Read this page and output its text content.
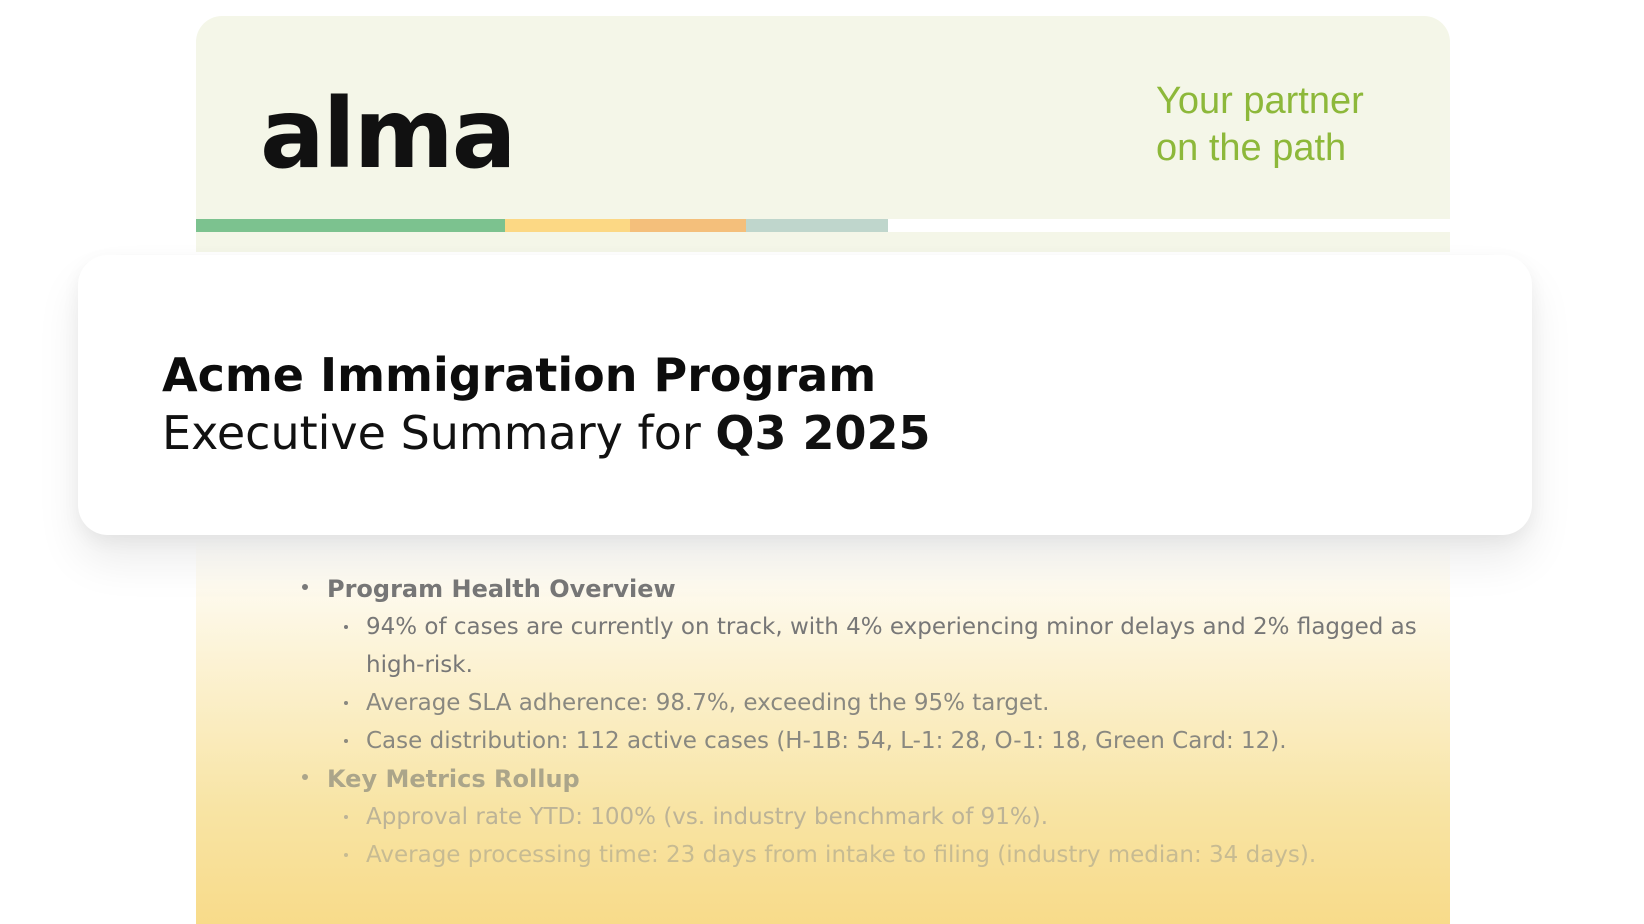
alma	Your partner
on the path
Acme Immigration Program
Executive Summary for Q3 2025
Program Health Overview
94% of cases are currently on track, with 4% experiencing minor delays and 2% flagged as high-risk.
Average SLA adherence: 98.7%, exceeding the 95% target.
Case distribution: 112 active cases (H-1B: 54, L-1: 28, O-1: 18, Green Card: 12).
Key Metrics Rollup
Approval rate YTD: 100% (vs. industry benchmark of 91%).
Average processing time: 23 days from intake to filing (industry median: 34 days).
